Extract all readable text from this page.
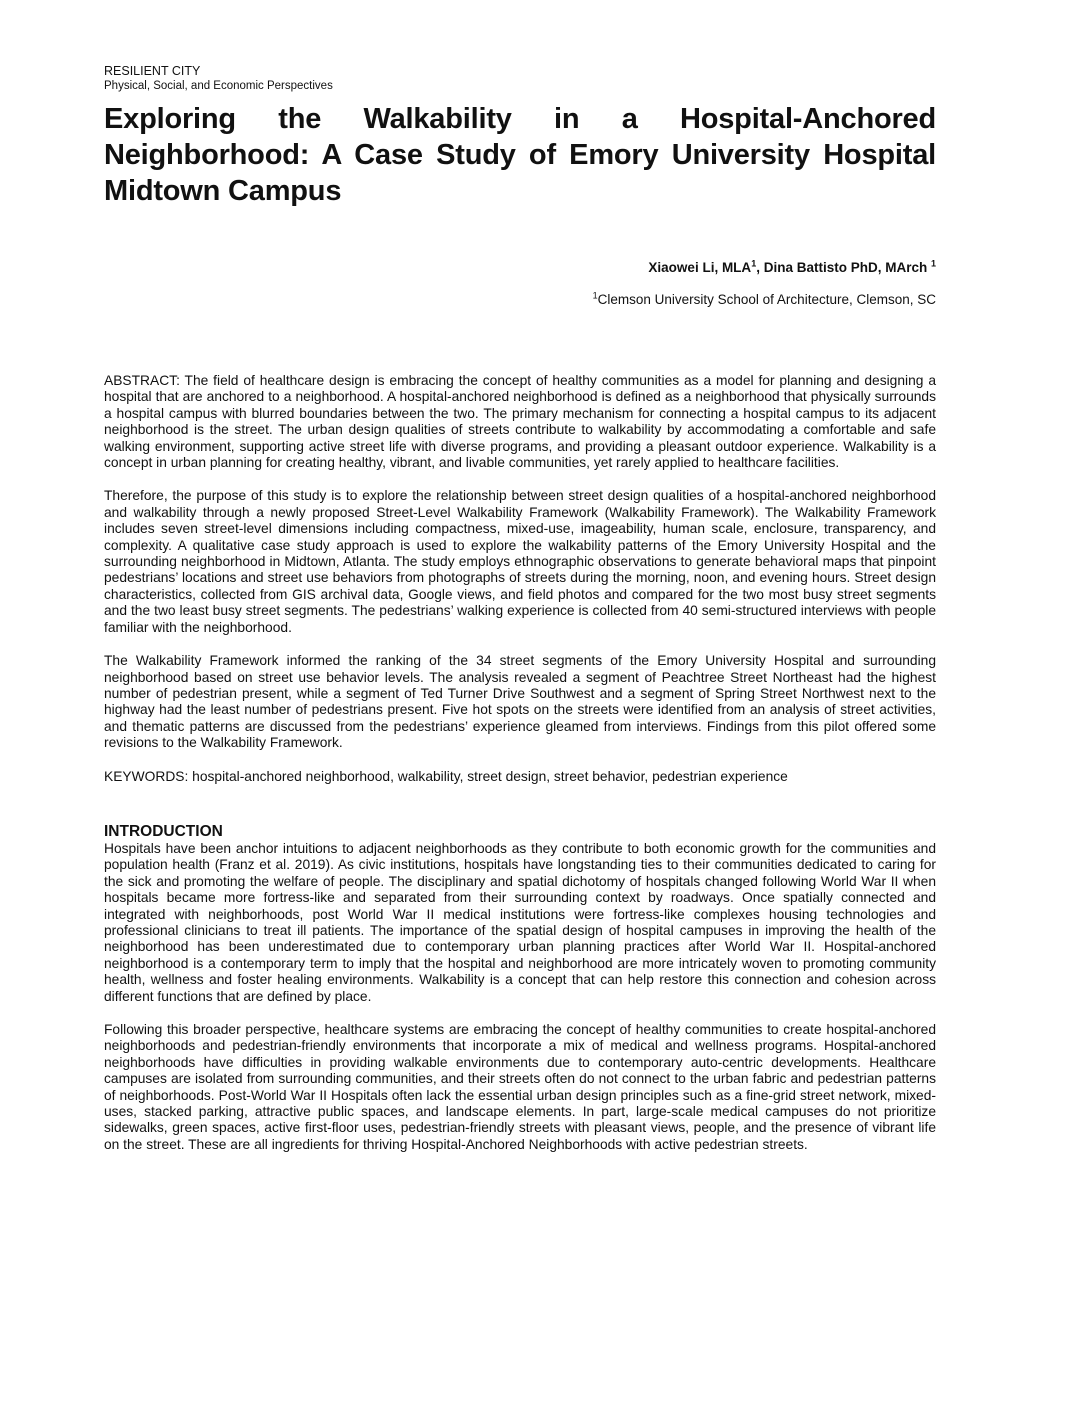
RESILIENT CITY

Physical, Social, and Economic Perspectives

Exploring the Walkability in a Hospital-Anchored Neighborhood: A Case Study of Emory University Hospital Midtown Campus

Xiaowei Li, MLA$^1$, Dina Battisto PhD, MArch $^1$

$^1$Clemson University School of Architecture, Clemson, SC

ABSTRACT: The field of healthcare design is embracing the concept of healthy communities as a model for planning and designing a hospital that are anchored to a neighborhood. A hospital-anchored neighborhood is defined as a neighborhood that physically surrounds a hospital campus with blurred boundaries between the two. The primary mechanism for connecting a hospital campus to its adjacent neighborhood is the street. The urban design qualities of streets contribute to walkability by accommodating a comfortable and safe walking environment, supporting active street life with diverse programs, and providing a pleasant outdoor experience. Walkability is a concept in urban planning for creating healthy, vibrant, and livable communities, yet rarely applied to healthcare facilities.

Therefore, the purpose of this study is to explore the relationship between street design qualities of a hospital-anchored neighborhood and walkability through a newly proposed Street-Level Walkability Framework (Walkability Framework). The Walkability Framework includes seven street-level dimensions including compactness, mixed-use, imageability, human scale, enclosure, transparency, and complexity. A qualitative case study approach is used to explore the walkability patterns of the Emory University Hospital and the surrounding neighborhood in Midtown, Atlanta. The study employs ethnographic observations to generate behavioral maps that pinpoint pedestrians’ locations and street use behaviors from photographs of streets during the morning, noon, and evening hours. Street design characteristics, collected from GIS archival data, Google views, and field photos and compared for the two most busy street segments and the two least busy street segments. The pedestrians’ walking experience is collected from 40 semi-structured interviews with people familiar with the neighborhood.

The Walkability Framework informed the ranking of the 34 street segments of the Emory University Hospital and surrounding neighborhood based on street use behavior levels. The analysis revealed a segment of Peachtree Street Northeast had the highest number of pedestrian present, while a segment of Ted Turner Drive Southwest and a segment of Spring Street Northwest next to the highway had the least number of pedestrians present. Five hot spots on the streets were identified from an analysis of street activities, and thematic patterns are discussed from the pedestrians’ experience gleamed from interviews. Findings from this pilot offered some revisions to the Walkability Framework.

KEYWORDS: hospital-anchored neighborhood, walkability, street design, street behavior, pedestrian experience

INTRODUCTION

Hospitals have been anchor intuitions to adjacent neighborhoods as they contribute to both economic growth for the communities and population health (Franz et al. 2019). As civic institutions, hospitals have longstanding ties to their communities dedicated to caring for the sick and promoting the welfare of people. The disciplinary and spatial dichotomy of hospitals changed following World War II when hospitals became more fortress-like and separated from their surrounding context by roadways. Once spatially connected and integrated with neighborhoods, post World War II medical institutions were fortress-like complexes housing technologies and professional clinicians to treat ill patients. The importance of the spatial design of hospital campuses in improving the health of the neighborhood has been underestimated due to contemporary urban planning practices after World War II. Hospital-anchored neighborhood is a contemporary term to imply that the hospital and neighborhood are more intricately woven to promoting community health, wellness and foster healing environments. Walkability is a concept that can help restore this connection and cohesion across different functions that are defined by place.

Following this broader perspective, healthcare systems are embracing the concept of healthy communities to create hospital-anchored neighborhoods and pedestrian-friendly environments that incorporate a mix of medical and wellness programs. Hospital-anchored neighborhoods have difficulties in providing walkable environments due to contemporary auto-centric developments. Healthcare campuses are isolated from surrounding communities, and their streets often do not connect to the urban fabric and pedestrian patterns of neighborhoods. Post-World War II Hospitals often lack the essential urban design principles such as a fine-grid street network, mixed-uses, stacked parking, attractive public spaces, and landscape elements. In part, large-scale medical campuses do not prioritize sidewalks, green spaces, active first-floor uses, pedestrian-friendly streets with pleasant views, people, and the presence of vibrant life on the street. These are all ingredients for thriving Hospital-Anchored Neighborhoods with active pedestrian streets.
